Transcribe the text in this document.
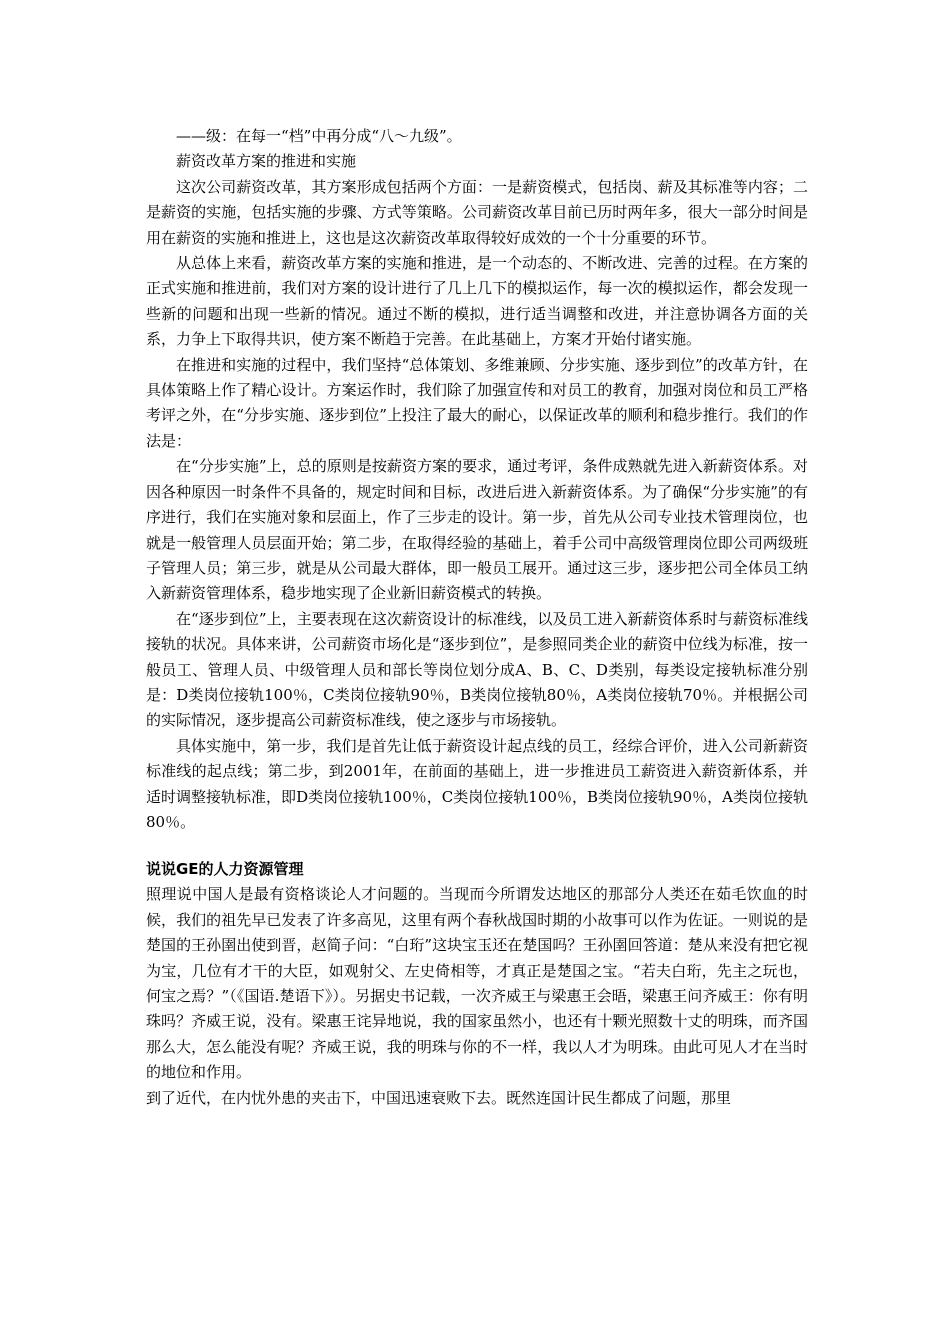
——级：在每一“档”中再分成“八～九级”。

薪资改革方案的推进和实施

这次公司薪资改革，其方案形成包括两个方面：一是薪资模式，包括岗、薪及其标准等内容；二是薪资的实施，包括实施的步骤、方式等策略。公司薪资改革目前已历时两年多，很大一部分时间是用在薪资的实施和推进上，这也是这次薪资改革取得较好成效的一个十分重要的环节。

从总体上来看，薪资改革方案的实施和推进，是一个动态的、不断改进、完善的过程。在方案的正式实施和推进前，我们对方案的设计进行了几上几下的模拟运作，每一次的模拟运作，都会发现一些新的问题和出现一些新的情况。通过不断的模拟，进行适当调整和改进，并注意协调各方面的关系，力争上下取得共识，使方案不断趋于完善。在此基础上，方案才开始付诸实施。

在推进和实施的过程中，我们坚持“总体策划、多维兼顾、分步实施、逐步到位”的改革方针，在具体策略上作了精心设计。方案运作时，我们除了加强宣传和对员工的教育，加强对岗位和员工严格考评之外，在“分步实施、逐步到位”上投注了最大的耐心，以保证改革的顺利和稳步推行。我们的作法是：

在“分步实施”上，总的原则是按薪资方案的要求，通过考评，条件成熟就先进入新薪资体系。对因各种原因一时条件不具备的，规定时间和目标，改进后进入新薪资体系。为了确保“分步实施”的有序进行，我们在实施对象和层面上，作了三步走的设计。第一步，首先从公司专业技术管理岗位，也就是一般管理人员层面开始；第二步，在取得经验的基础上，着手公司中高级管理岗位即公司两级班子管理人员；第三步，就是从公司最大群体，即一般员工展开。通过这三步，逐步把公司全体员工纳入新薪资管理体系，稳步地实现了企业新旧薪资模式的转换。

在“逐步到位”上，主要表现在这次薪资设计的标准线，以及员工进入新薪资体系时与薪资标准线接轨的状况。具体来讲，公司薪资市场化是“逐步到位”，是参照同类企业的薪资中位线为标准，按一般员工、管理人员、中级管理人员和部长等岗位划分成A、B、C、D类别，每类设定接轨标准分别是：D类岗位接轨100％，C类岗位接轨90％，B类岗位接轨80％，A类岗位接轨70％。并根据公司的实际情况，逐步提高公司薪资标准线，使之逐步与市场接轨。

具体实施中，第一步，我们是首先让低于薪资设计起点线的员工，经综合评价，进入公司新薪资标准线的起点线；第二步，到2001年，在前面的基础上，进一步推进员工薪资进入薪资新体系，并适时调整接轨标准，即D类岗位接轨100％，C类岗位接轨100％，B类岗位接轨90％，A类岗位接轨80％。

说说GE的人力资源管理

照理说中国人是最有资格谈论人才问题的。当现而今所谓发达地区的那部分人类还在茹毛饮血的时候，我们的祖先早已发表了许多高见，这里有两个春秋战国时期的小故事可以作为佐证。一则说的是楚国的王孙圉出使到晋，赵简子问：“白珩”这块宝玉还在楚国吗？王孙圉回答道：楚从来没有把它视为宝，几位有才干的大臣，如观射父、左史倚相等，才真正是楚国之宝。“若夫白珩，先主之玩也，何宝之焉？”（《国语.楚语下》）。另据史书记载，一次齐威王与梁惠王会晤，梁惠王问齐威王：你有明珠吗？齐威王说，没有。梁惠王诧异地说，我的国家虽然小，也还有十颗光照数十丈的明珠，而齐国那么大，怎么能没有呢？齐威王说，我的明珠与你的不一样，我以人才为明珠。由此可见人才在当时的地位和作用。

到了近代，在内忧外患的夹击下，中国迅速衰败下去。既然连国计民生都成了问题，那里
